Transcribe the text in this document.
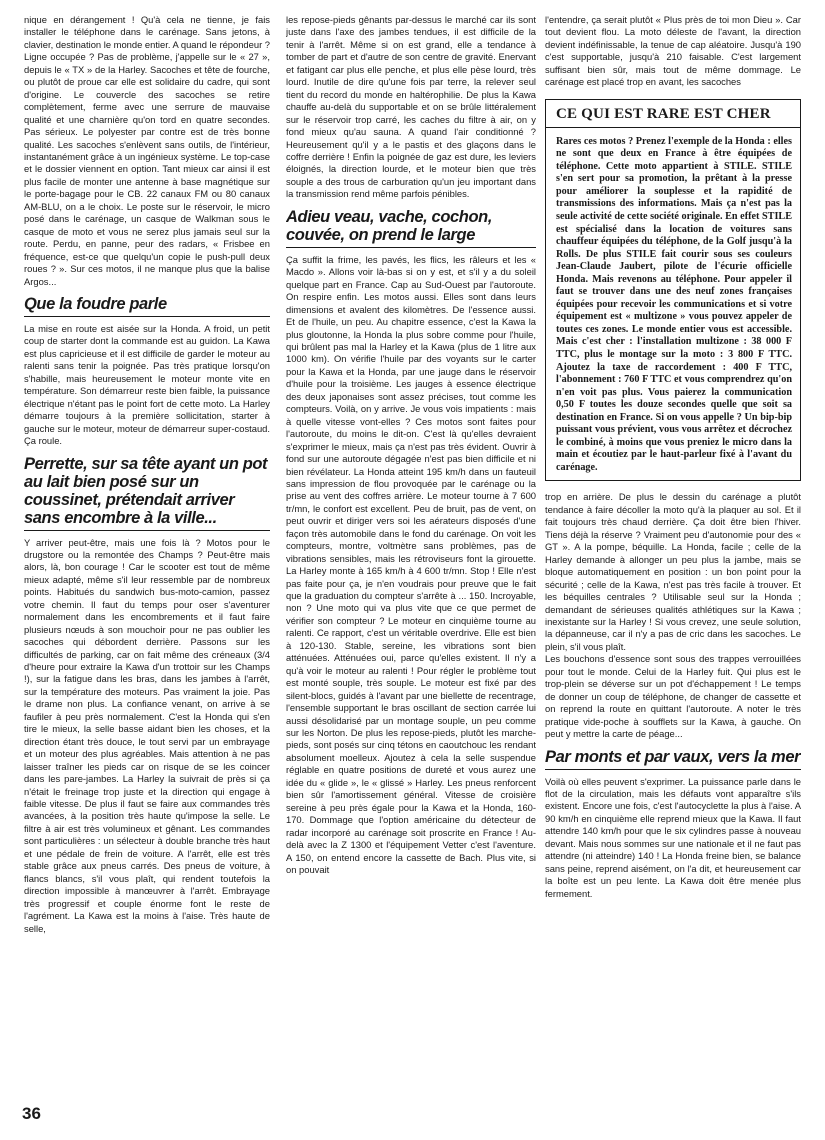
nique en dérangement ! Qu'à cela ne tienne, je fais installer le téléphone dans le carénage. Sans jetons, à clavier, destination le monde entier. A quand le répondeur ? Ligne occupée ? Pas de problème, j'appelle sur le « 27 », depuis le « TX » de la Harley. Sacoches et tête de fourche, ou plutôt de proue car elle est solidaire du cadre, qui sont d'origine. Le couvercle des sacoches se retire complètement, ferme avec une serrure de mauvaise qualité et une charnière qu'on tord en quatre secondes. Pas sérieux. Le polyester par contre est de très bonne qualité. Les sacoches s'enlèvent sans outils, de l'intérieur, instantanément grâce à un ingénieux système. Le top-case et le dossier viennent en option. Tant mieux car ainsi il est plus facile de monter une antenne à base magnétique sur le porte-bagage pour le CB. 22 canaux FM ou 80 canaux AM-BLU, on a le choix. Le poste sur le réservoir, le micro posé dans le carénage, un casque de Walkman sous le casque de moto et vous ne serez plus jamais seul sur la route. Perdu, en panne, peur des radars, « Frisbee en fréquence, est-ce que quelqu'un copie le push-pull deux roues ? ». Sur ces motos, il ne manque plus que la balise Argos...

Que la foudre parle

La mise en route est aisée sur la Honda. A froid, un petit coup de starter dont la commande est au guidon. La Kawa est plus capricieuse et il est difficile de garder le moteur au ralenti sans tenir la poignée. Pas très pratique lorsqu'on s'habille, mais heureusement le moteur monte vite en température. Son démarreur reste bien faible, la puissance électrique n'étant pas le point fort de cette moto. La Harley démarre toujours à la première sollicitation, starter à gauche sur le moteur, moteur de démarreur super-costaud. Ça roule.

Perrette, sur sa tête ayant un pot au lait bien posé sur un coussinet, prétendait arriver sans encombre à la ville...

Y arriver peut-être, mais une fois là ? Motos pour le drugstore ou la remontée des Champs ? Peut-être mais alors, là, bon courage ! Car le scooter est tout de même mieux adapté, même s'il leur ressemble par de nombreux points. Habitués du sandwich bus-moto-camion, passez votre chemin. Il faut du temps pour oser s'aventurer normalement dans les encombrements et il faut faire plusieurs nœuds à son mouchoir pour ne pas oublier les sacoches qui débordent derrière. Passons sur les difficultés de parking, car on fait même des créneaux (3/4 d'heure pour extraire la Kawa d'un trottoir sur les Champs !), sur la fatigue dans les bras, dans les jambes à l'arrêt, sur la température des moteurs. Pas vraiment la joie. Pas le drame non plus. La confiance venant, on arrive à se faufiler à peu près normalement. C'est la Honda qui s'en tire le mieux, la selle basse aidant bien les choses, et la direction étant très douce, le tout servi par un embrayage et un moteur des plus agréables. Mais attention à ne pas laisser traîner les pieds car on risque de se les coincer dans les pare-jambes. La Harley la suivrait de près si ça n'était le freinage trop juste et la direction qui engage à faible vitesse. De plus il faut se faire aux commandes très avancées, à la position très haute qu'impose la selle. Le filtre à air est très volumineux et gênant. Les commandes sont particulières : un sélecteur à double branche très haut et une pédale de frein de voiture. A l'arrêt, elle est très stable grâce aux pneus carrés. Des pneus de voiture, à flancs blancs, s'il vous plaît, qui rendent toutefois la direction impossible à manœuvrer à l'arrêt. Embrayage très progressif et couple énorme font le reste de l'agrément. La Kawa est la moins à l'aise. Très haute de selle,

les repose-pieds gênants par-dessus le marché car ils sont juste dans l'axe des jambes tendues, il est difficile de la tenir à l'arrêt. Même si on est grand, elle a tendance à tomber de part et d'autre de son centre de gravité. Enervant et fatigant car plus elle penche, et plus elle pèse lourd, très lourd. Inutile de dire qu'une fois par terre, la relever seul tient du record du monde en haltérophilie. De plus la Kawa chauffe au-delà du supportable et on se brûle littéralement sur le réservoir trop carré, les caches du filtre à air, on y fond mieux qu'au sauna. A quand l'air conditionné ? Heureusement qu'il y a le pastis et des glaçons dans le coffre derrière ! Enfin la poignée de gaz est dure, les leviers éloignés, la direction lourde, et le moteur bien que très souple a des trous de carburation qu'un jeu important dans la transmission rend même parfois pénibles.

Adieu veau, vache, cochon, couvée, on prend le large

Ça suffit la frime, les pavés, les flics, les râleurs et les « Macdo ». Allons voir là-bas si on y est, et s'il y a du soleil quelque part en France. Cap au Sud-Ouest par l'autoroute. On respire enfin. Les motos aussi. Elles sont dans leurs dimensions et avalent des kilomètres. De l'essence aussi. Et de l'huile, un peu. Au chapitre essence, c'est la Kawa la plus gloutonne, la Honda la plus sobre comme pour l'huile, qui brûlent pas mal la Harley et la Kawa (plus de 1 litre aux 1000 km). On vérifie l'huile par des voyants sur le carter pour la Kawa et la Honda, par une jauge dans le réservoir d'huile pour la troisième. Les jauges à essence électrique des deux japonaises sont assez précises, tout comme les compteurs. Voilà, on y arrive. Je vous vois impatients : mais à quelle vitesse vont-elles ? Ces motos sont faites pour l'autoroute, du moins le dit-on. C'est là qu'elles devraient s'exprimer le mieux, mais ça n'est pas très évident. Ouvrir à fond sur une autoroute dégagée n'est pas bien difficile et ni bien révélateur. La Honda atteint 195 km/h dans un fauteuil sans impression de flou provoquée par le carénage ou la prise au vent des coffres arrière. Le moteur tourne à 7 600 tr/mn, le confort est excellent. Peu de bruit, pas de vent, on peut ouvrir et diriger vers soi les aérateurs disposés d'une façon très automobile dans le fond du carénage. On voit les compteurs, montre, voltmètre sans problèmes, pas de vibrations sensibles, mais les rétroviseurs font la girouette. La Harley monte à 165 km/h à 4 600 tr/mn. Stop ! Elle n'est pas faite pour ça, je n'en voudrais pour preuve que le fait que la graduation du compteur s'arrête à ... 150. Incroyable, non ? Une moto qui va plus vite que ce que permet de vérifier son compteur ? Le moteur en cinquième tourne au ralenti. Ce rapport, c'est un véritable overdrive. Elle est bien à 120-130. Stable, sereine, les vibrations sont bien atténuées. Atténuées oui, parce qu'elles existent. Il n'y a qu'à voir le moteur au ralenti ! Pour régler le problème tout est monté souple, très souple. Le moteur est fixé par des silent-blocs, guidés à l'avant par une biellette de recentrage, l'ensemble supportant le bras oscillant de section carrée lui aussi désolidarisé par un montage souple, un peu comme sur les Norton. De plus les repose-pieds, plutôt les marche-pieds, sont posés sur cinq tétons en caoutchouc les rendant absolument moelleux. Ajoutez à cela la selle suspendue réglable en quatre positions de dureté et vous aurez une idée du « glide », le « glissé » Harley. Les pneus renforcent bien sûr l'amortissement général. Vitesse de croisière sereine à peu près égale pour la Kawa et la Honda, 160-170. Dommage que l'option américaine du détecteur de radar incorporé au carénage soit proscrite en France ! Au-delà avec la Z 1300 et l'équipement Vetter c'est l'aventure. A 150, on entend encore la cassette de Bach. Plus vite, si on pouvait

l'entendre, ça serait plutôt « Plus près de toi mon Dieu ». Car tout devient flou. La moto déleste de l'avant, la direction devient indéfinissable, la tenue de cap aléatoire. Jusqu'à 190 c'est supportable, jusqu'à 210 faisable. C'est largement suffisant bien sûr, mais tout de même dommage. Le carénage est placé trop en avant, les sacoches

CE QUI EST RARE EST CHER
Rares ces motos ? Prenez l'exemple de la Honda : elles ne sont que deux en France à être équipées de téléphone. Cette moto appartient à STILE. STILE s'en sert pour sa promotion, la prêtant à la presse pour améliorer la souplesse et la rapidité de transmissions des informations. Mais ça n'est pas la seule activité de cette société originale. En effet STILE est spécialisé dans la location de voitures sans chauffeur équipées du téléphone, de la Golf jusqu'à la Rolls. De plus STILE fait courir sous ses couleurs Jean-Claude Jaubert, pilote de l'écurie officielle Honda. Mais revenons au téléphone. Pour appeler il faut se trouver dans une des neuf zones françaises équipées pour recevoir les communications et si votre équipement est « multizone » vous pouvez appeler de toutes ces zones. Le monde entier vous est accessible. Mais c'est cher : l'installation multizone : 38 000 F TTC, plus le montage sur la moto : 3 800 F TTC. Ajoutez la taxe de raccordement : 400 F TTC, l'abonnement : 760 F TTC et vous comprendrez qu'on n'en voit pas plus. Vous paierez la communication 0,50 F toutes les douze secondes quelle que soit sa destination en France. Si on vous appelle ? Un bip-bip puissant vous prévient, vous vous arrêtez et décrochez le combiné, à moins que vous preniez le micro dans la main et écoutiez par le haut-parleur fixé à l'avant du carénage.

trop en arrière. De plus le dessin du carénage a plutôt tendance à faire décoller la moto qu'à la plaquer au sol. Et il fait toujours très chaud derrière. Ça doit être bien l'hiver. Tiens déjà la réserve ? Vraiment peu d'autonomie pour des « GT ». A la pompe, béquille. La Honda, facile ; celle de la Harley demande à allonger un peu plus la jambe, mais se bloque automatiquement en position : un bon point pour la sécurité ; celle de la Kawa, n'est pas très facile à trouver. Et les béquilles centrales ? Utilisable seul sur la Honda ; demandant de sérieuses qualités athlétiques sur la Kawa ; inexistante sur la Harley ! Si vous crevez, une seule solution, la dépanneuse, car il n'y a pas de cric dans les sacoches. Le plein, s'il vous plaît.

Les bouchons d'essence sont sous des trappes verrouillées pour tout le monde. Celui de la Harley fuit. Qui plus est le trop-plein se déverse sur un pot d'échappement ! Le temps de donner un coup de téléphone, de changer de cassette et on reprend la route en quittant l'autoroute. A noter le très pratique vide-poche à soufflets sur la Kawa, à gauche. On peut y mettre la carte de péage...

Par monts et par vaux, vers la mer

Voilà où elles peuvent s'exprimer. La puissance parle dans le flot de la circulation, mais les défauts vont apparaître s'ils existent. Encore une fois, c'est l'autocyclette la plus à l'aise. A 90 km/h en cinquième elle reprend mieux que la Kawa. Il faut attendre 140 km/h pour que le six cylindres passe à nouveau devant. Mais nous sommes sur une nationale et il ne faut pas attendre (ni atteindre) 140 ! La Honda freine bien, se balance sans peine, reprend aisément, on l'a dit, et heureusement car la boîte est un peu lente. La Kawa doit être menée plus fermement.

36
